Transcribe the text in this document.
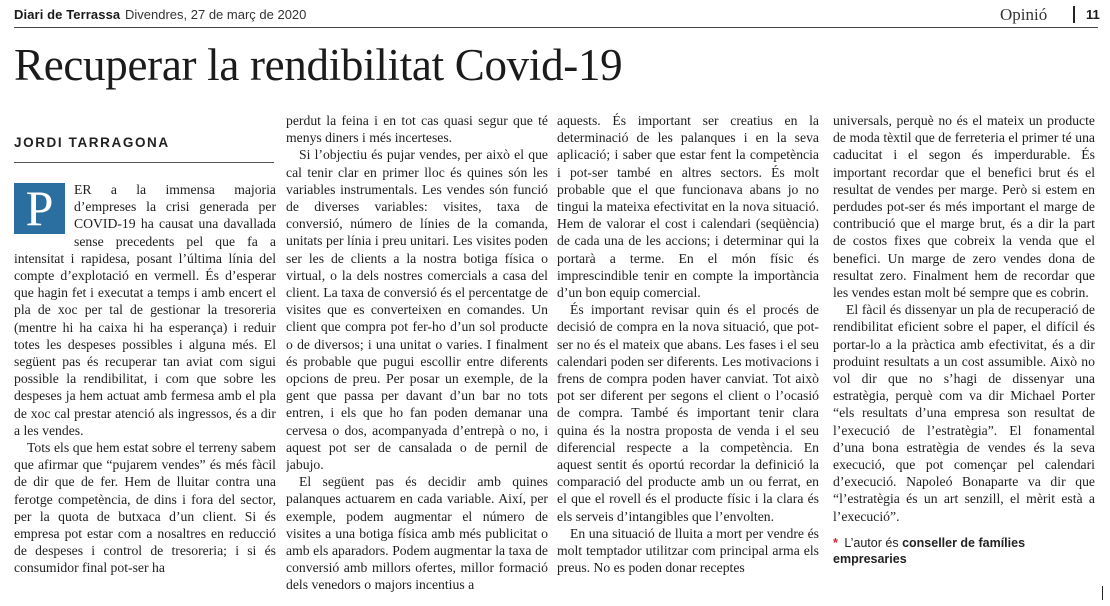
Diari de Terrassa Divendres, 27 de març de 2020	Opinió	11
Recuperar la rendibilitat Covid-19
JORDI TARRAGONA

P	ER a la immensa majoria d’empreses la crisi generada per COVID-19 ha causat una davallada sense precedents pel que fa a intensitat i rapidesa, posant l’última línia del compte d’explotació en vermell. És d’esperar que hagin fet i executat a temps i amb encert el pla de xoc per tal de gestionar la tresoreria (mentre hi ha caixa hi ha esperança) i reduir totes les despeses possibles i alguna més. El següent pas és recuperar tan aviat com sigui possible la rendibilitat, i com que sobre les despeses ja hem actuat amb fermesa amb el pla de xoc cal prestar atenció als ingressos, és a dir a les vendes.

Tots els que hem estat sobre el terreny sabem que afirmar que “pujarem vendes” és més fàcil de dir que de fer. Hem de lluitar contra una ferotge competència, de dins i fora del sector, per la quota de butxaca d’un client. Si és empresa pot estar com a nosaltres en reducció de despeses i control de tresoreria; i si és consumidor final pot-ser ha

perdut la feina i en tot cas quasi segur que té menys diners i més incerteses.

Si l’objectiu és pujar vendes, per això el que cal tenir clar en primer lloc és quines són les variables instrumentals. Les vendes són funció de diverses variables: visites, taxa de conversió, número de línies de la comanda, unitats per línia i preu unitari. Les visites poden ser les de clients a la nostra botiga física o virtual, o la dels nostres comercials a casa del client. La taxa de conversió és el percentatge de visites que es converteixen en comandes. Un client que compra pot fer-ho d’un sol producte o de diversos; i una unitat o varies. I finalment és probable que pugui escollir entre diferents opcions de preu. Per posar un exemple, de la gent que passa per davant d’un bar no tots entren, i els que ho fan poden demanar una cervesa o dos, acompanyada d’entrepà o no, i aquest pot ser de cansalada o de pernil de jabujo.

El següent pas és decidir amb quines palanques actuarem en cada variable. Així, per exemple, podem augmentar el número de visites a una botiga física amb més publicitat o amb els aparadors. Podem augmentar la taxa de conversió amb millors ofertes, millor formació dels venedors o majors incentius a

aquests. És important ser creatius en la determinació de les palanques i en la seva aplicació; i saber que estar fent la competència i pot-ser també en altres sectors. És molt probable que el que funcionava abans jo no tingui la mateixa efectivitat en la nova situació. Hem de valorar el cost i calendari (seqüència) de cada una de les accions; i determinar qui la portarà a terme. En el món físic és imprescindible tenir en compte la importància d’un bon equip comercial.

És important revisar quin és el procés de decisió de compra en la nova situació, que pot-ser no és el mateix que abans. Les fases i el seu calendari poden ser diferents. Les motivacions i frens de compra poden haver canviat. Tot això pot ser diferent per segons el client o l’ocasió de compra. També és important tenir clara quina és la nostra proposta de venda i el seu diferencial respecte a la competència. En aquest sentit és oportú recordar la definició la comparació del producte amb un ou ferrat, en el que el rovell és el producte físic i la clara és els serveis d’intangibles que l’envolten.

En una situació de lluita a mort per vendre és molt temptador utilitzar com principal arma els preus. No es poden donar receptes

universals, perquè no és el mateix un producte de moda tèxtil que de ferreteria el primer té una caducitat i el segon és imperdurable. És important recordar que el benefici brut és el resultat de vendes per marge. Però si estem en perdudes pot-ser és més important el marge de contribució que el marge brut, és a dir la part de costos fixes que cobreix la venda que el benefici. Un marge de zero vendes dona de resultat zero. Finalment hem de recordar que les vendes estan molt bé sempre que es cobrin.

El fàcil és dissenyar un pla de recuperació de rendibilitat eficient sobre el paper, el difícil és portar-lo a la pràctica amb efectivitat, és a dir produint resultats a un cost assumible. Això no vol dir que no s’hagi de dissenyar una estratègia, perquè com va dir Michael Porter “els resultats d’una empresa son resultat de l’execució de l’estratègia”. El fonamental d’una bona estratègia de vendes és la seva execució, que pot començar pel calendari d’execució. Napoleó Bonaparte va dir que “l’estratègia és un art senzill, el mèrit està a l’execució”.

* L’autor és conseller de famílies empresaries
